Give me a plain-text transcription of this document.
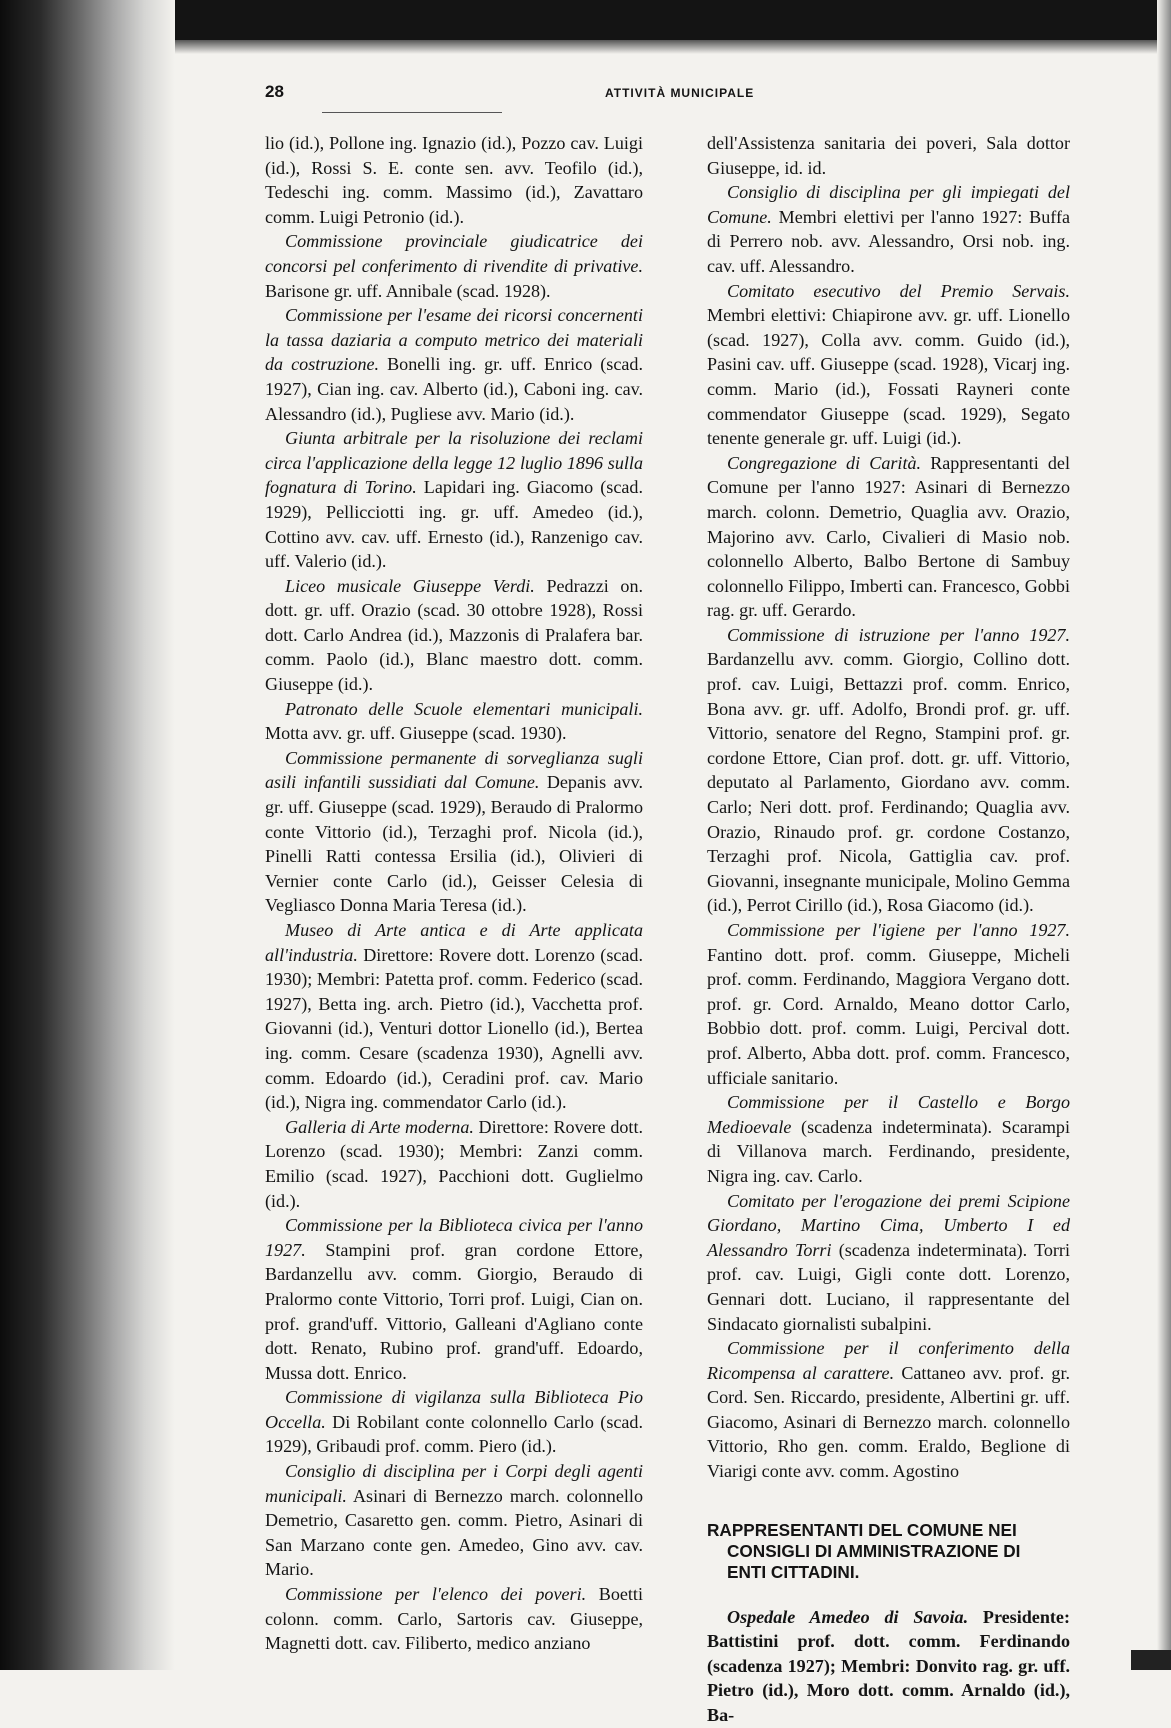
28	ATTIVITÀ MUNICIPALE

lio (id.), Pollone ing. Ignazio (id.), Pozzo cav. Luigi (id.), Rossi S. E. conte sen. avv. Teofilo (id.), Tedeschi ing. comm. Massimo (id.), Zavattaro comm. Luigi Petronio (id.).

Commissione provinciale giudicatrice dei concorsi pel conferimento di rivendite di privative. Barisone gr. uff. Annibale (scad. 1928).

Commissione per l'esame dei ricorsi concernenti la tassa daziaria a computo metrico dei materiali da costruzione. Bonelli ing. gr. uff. Enrico (scad. 1927), Cian ing. cav. Alberto (id.), Caboni ing. cav. Alessandro (id.), Pugliese avv. Mario (id.).

Giunta arbitrale per la risoluzione dei reclami circa l'applicazione della legge 12 luglio 1896 sulla fognatura di Torino. Lapidari ing. Giacomo (scad. 1929), Pellicciotti ing. gr. uff. Amedeo (id.), Cottino avv. cav. uff. Ernesto (id.), Ranzenigo cav. uff. Valerio (id.).

Liceo musicale Giuseppe Verdi. Pedrazzi on. dott. gr. uff. Orazio (scad. 30 ottobre 1928), Rossi dott. Carlo Andrea (id.), Mazzonis di Pralafera bar. comm. Paolo (id.), Blanc maestro dott. comm. Giuseppe (id.).

Patronato delle Scuole elementari municipali. Motta avv. gr. uff. Giuseppe (scad. 1930).

Commissione permanente di sorveglianza sugli asili infantili sussidiati dal Comune. Depanis avv. gr. uff. Giuseppe (scad. 1929), Beraudo di Pralormo conte Vittorio (id.), Terzaghi prof. Nicola (id.), Pinelli Ratti contessa Ersilia (id.), Olivieri di Vernier conte Carlo (id.), Geisser Celesia di Vegliasco Donna Maria Teresa (id.).

Museo di Arte antica e di Arte applicata all'industria. Direttore: Rovere dott. Lorenzo (scad. 1930); Membri: Patetta prof. comm. Federico (scad. 1927), Betta ing. arch. Pietro (id.), Vacchetta prof. Giovanni (id.), Venturi dottor Lionello (id.), Bertea ing. comm. Cesare (scadenza 1930), Agnelli avv. comm. Edoardo (id.), Ceradini prof. cav. Mario (id.), Nigra ing. commendator Carlo (id.).

Galleria di Arte moderna. Direttore: Rovere dott. Lorenzo (scad. 1930); Membri: Zanzi comm. Emilio (scad. 1927), Pacchioni dott. Guglielmo (id.).

Commissione per la Biblioteca civica per l'anno 1927. Stampini prof. gran cordone Ettore, Bardanzellu avv. comm. Giorgio, Beraudo di Pralormo conte Vittorio, Torri prof. Luigi, Cian on. prof. grand'uff. Vittorio, Galleani d'Agliano conte dott. Renato, Rubino prof. grand'uff. Edoardo, Mussa dott. Enrico.

Commissione di vigilanza sulla Biblioteca Pio Occella. Di Robilant conte colonnello Carlo (scad. 1929), Gribaudi prof. comm. Piero (id.).

Consiglio di disciplina per i Corpi degli agenti municipali. Asinari di Bernezzo march. colonnello Demetrio, Casaretto gen. comm. Pietro, Asinari di San Marzano conte gen. Amedeo, Gino avv. cav. Mario.

Commissione per l'elenco dei poveri. Boetti colonn. comm. Carlo, Sartoris cav. Giuseppe, Magnetti dott. cav. Filiberto, medico anziano

dell'Assistenza sanitaria dei poveri, Sala dottor Giuseppe, id. id.

Consiglio di disciplina per gli impiegati del Comune. Membri elettivi per l'anno 1927: Buffa di Perrero nob. avv. Alessandro, Orsi nob. ing. cav. uff. Alessandro.

Comitato esecutivo del Premio Servais. Membri elettivi: Chiapirone avv. gr. uff. Lionello (scad. 1927), Colla avv. comm. Guido (id.), Pasini cav. uff. Giuseppe (scad. 1928), Vicarj ing. comm. Mario (id.), Fossati Rayneri conte commendator Giuseppe (scad. 1929), Segato tenente generale gr. uff. Luigi (id.).

Congregazione di Carità. Rappresentanti del Comune per l'anno 1927: Asinari di Bernezzo march. colonn. Demetrio, Quaglia avv. Orazio, Majorino avv. Carlo, Civalieri di Masio nob. colonnello Alberto, Balbo Bertone di Sambuy colonnello Filippo, Imberti can. Francesco, Gobbi rag. gr. uff. Gerardo.

Commissione di istruzione per l'anno 1927. Bardanzellu avv. comm. Giorgio, Collino dott. prof. cav. Luigi, Bettazzi prof. comm. Enrico, Bona avv. gr. uff. Adolfo, Brondi prof. gr. uff. Vittorio, senatore del Regno, Stampini prof. gr. cordone Ettore, Cian prof. dott. gr. uff. Vittorio, deputato al Parlamento, Giordano avv. comm. Carlo; Neri dott. prof. Ferdinando; Quaglia avv. Orazio, Rinaudo prof. gr. cordone Costanzo, Terzaghi prof. Nicola, Gattiglia cav. prof. Giovanni, insegnante municipale, Molino Gemma (id.), Perrot Cirillo (id.), Rosa Giacomo (id.).

Commissione per l'igiene per l'anno 1927. Fantino dott. prof. comm. Giuseppe, Micheli prof. comm. Ferdinando, Maggiora Vergano dott. prof. gr. Cord. Arnaldo, Meano dottor Carlo, Bobbio dott. prof. comm. Luigi, Percival dott. prof. Alberto, Abba dott. prof. comm. Francesco, ufficiale sanitario.

Commissione per il Castello e Borgo Medioevale (scadenza indeterminata). Scarampi di Villanova march. Ferdinando, presidente, Nigra ing. cav. Carlo.

Comitato per l'erogazione dei premi Scipione Giordano, Martino Cima, Umberto I ed Alessandro Torri (scadenza indeterminata). Torri prof. cav. Luigi, Gigli conte dott. Lorenzo, Gennari dott. Luciano, il rappresentante del Sindacato giornalisti subalpini.

Commissione per il conferimento della Ricompensa al carattere. Cattaneo avv. prof. gr. Cord. Sen. Riccardo, presidente, Albertini gr. uff. Giacomo, Asinari di Bernezzo march. colonnello Vittorio, Rho gen. comm. Eraldo, Beglione di Viarigi conte avv. comm. Agostino

RAPPRESENTANTI DEL COMUNE NEI
CONSIGLI DI AMMINISTRAZIONE DI
ENTI CITTADINI.

Ospedale Amedeo di Savoia. Presidente: Battistini prof. dott. comm. Ferdinando (scadenza 1927); Membri: Donvito rag. gr. uff. Pietro (id.), Moro dott. comm. Arnaldo (id.), Ba-
